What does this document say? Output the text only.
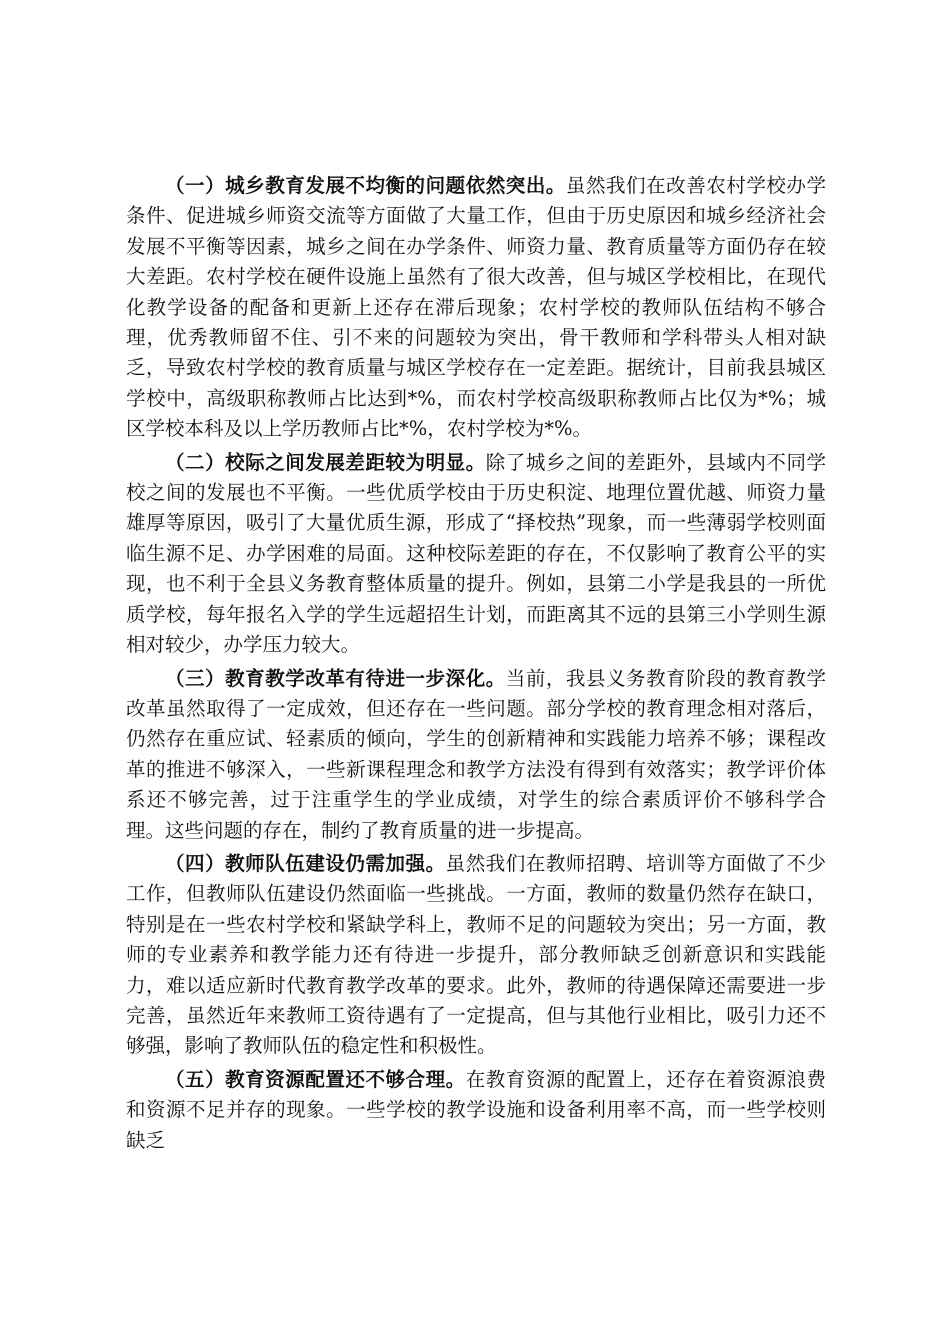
（一）城乡教育发展不均衡的问题依然突出。虽然我们在改善农村学校办学条件、促进城乡师资交流等方面做了大量工作，但由于历史原因和城乡经济社会发展不平衡等因素，城乡之间在办学条件、师资力量、教育质量等方面仍存在较大差距。农村学校在硬件设施上虽然有了很大改善，但与城区学校相比，在现代化教学设备的配备和更新上还存在滞后现象；农村学校的教师队伍结构不够合理，优秀教师留不住、引不来的问题较为突出，骨干教师和学科带头人相对缺乏，导致农村学校的教育质量与城区学校存在一定差距。据统计，目前我县城区学校中，高级职称教师占比达到*%，而农村学校高级职称教师占比仅为*%；城区学校本科及以上学历教师占比*%，农村学校为*%。

（二）校际之间发展差距较为明显。除了城乡之间的差距外，县域内不同学校之间的发展也不平衡。一些优质学校由于历史积淀、地理位置优越、师资力量雄厚等原因，吸引了大量优质生源，形成了“择校热”现象，而一些薄弱学校则面临生源不足、办学困难的局面。这种校际差距的存在，不仅影响了教育公平的实现，也不利于全县义务教育整体质量的提升。例如，县第二小学是我县的一所优质学校，每年报名入学的学生远超招生计划，而距离其不远的县第三小学则生源相对较少，办学压力较大。

（三）教育教学改革有待进一步深化。当前，我县义务教育阶段的教育教学改革虽然取得了一定成效，但还存在一些问题。部分学校的教育理念相对落后，仍然存在重应试、轻素质的倾向，学生的创新精神和实践能力培养不够；课程改革的推进不够深入，一些新课程理念和教学方法没有得到有效落实；教学评价体系还不够完善，过于注重学生的学业成绩，对学生的综合素质评价不够科学合理。这些问题的存在，制约了教育质量的进一步提高。

（四）教师队伍建设仍需加强。虽然我们在教师招聘、培训等方面做了不少工作，但教师队伍建设仍然面临一些挑战。一方面，教师的数量仍然存在缺口，特别是在一些农村学校和紧缺学科上，教师不足的问题较为突出；另一方面，教师的专业素养和教学能力还有待进一步提升，部分教师缺乏创新意识和实践能力，难以适应新时代教育教学改革的要求。此外，教师的待遇保障还需要进一步完善，虽然近年来教师工资待遇有了一定提高，但与其他行业相比，吸引力还不够强，影响了教师队伍的稳定性和积极性。

（五）教育资源配置还不够合理。在教育资源的配置上，还存在着资源浪费和资源不足并存的现象。一些学校的教学设施和设备利用率不高，而一些学校则缺乏
